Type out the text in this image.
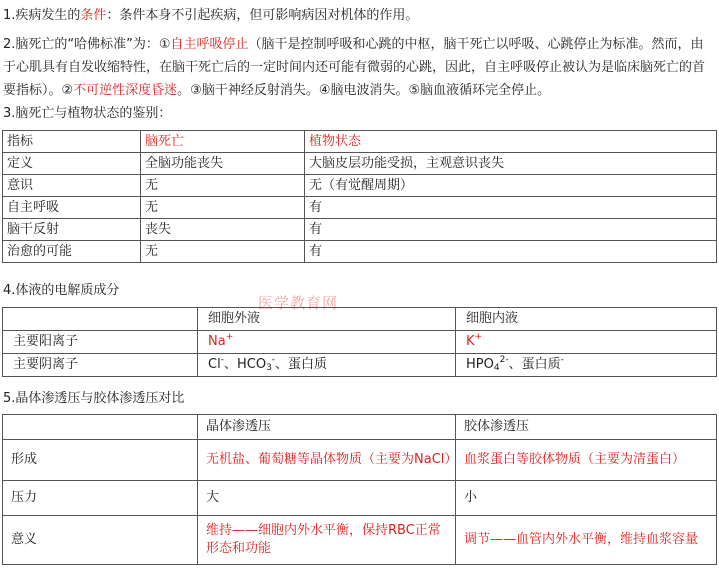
1.疾病发生的条件：条件本身不引起疾病，但可影响病因对机体的作用。
2.脑死亡的“哈佛标准”为：①自主呼吸停止（脑干是控制呼吸和心跳的中枢，脑干死亡以呼吸、心跳停止为标准。然而，由于心肌具有自发收缩特性，在脑干死亡后的一定时间内还可能有微弱的心跳，因此，自主呼吸停止被认为是临床脑死亡的首要指标）。②不可逆性深度昏迷。③脑干神经反射消失。④脑电波消失。⑤脑血液循环完全停止。
3.脑死亡与植物状态的鉴别：
指标	脑死亡	植物状态
定义	全脑功能丧失	大脑皮层功能受损，主观意识丧失
意识	无	无（有觉醒周期）
自主呼吸	无	有
脑干反射	丧失	有
治愈的可能	无	有
4.体液的电解质成分
医学教育网
	细胞外液	细胞内液
主要阳离子	Na+	K+
主要阴离子	Cl-、$HCO_3^-$、蛋白质	$HPO_4^{2-}$、蛋白质-
5.晶体渗透压与胶体渗透压对比
	晶体渗透压	胶体渗透压
形成	无机盐、葡萄糖等晶体物质（主要为NaCl）	血浆蛋白等胶体物质（主要为清蛋白）
压力	大	小
意义	维持——细胞内外水平衡，保持RBC正常形态和功能	调节——血管内外水平衡，维持血浆容量
